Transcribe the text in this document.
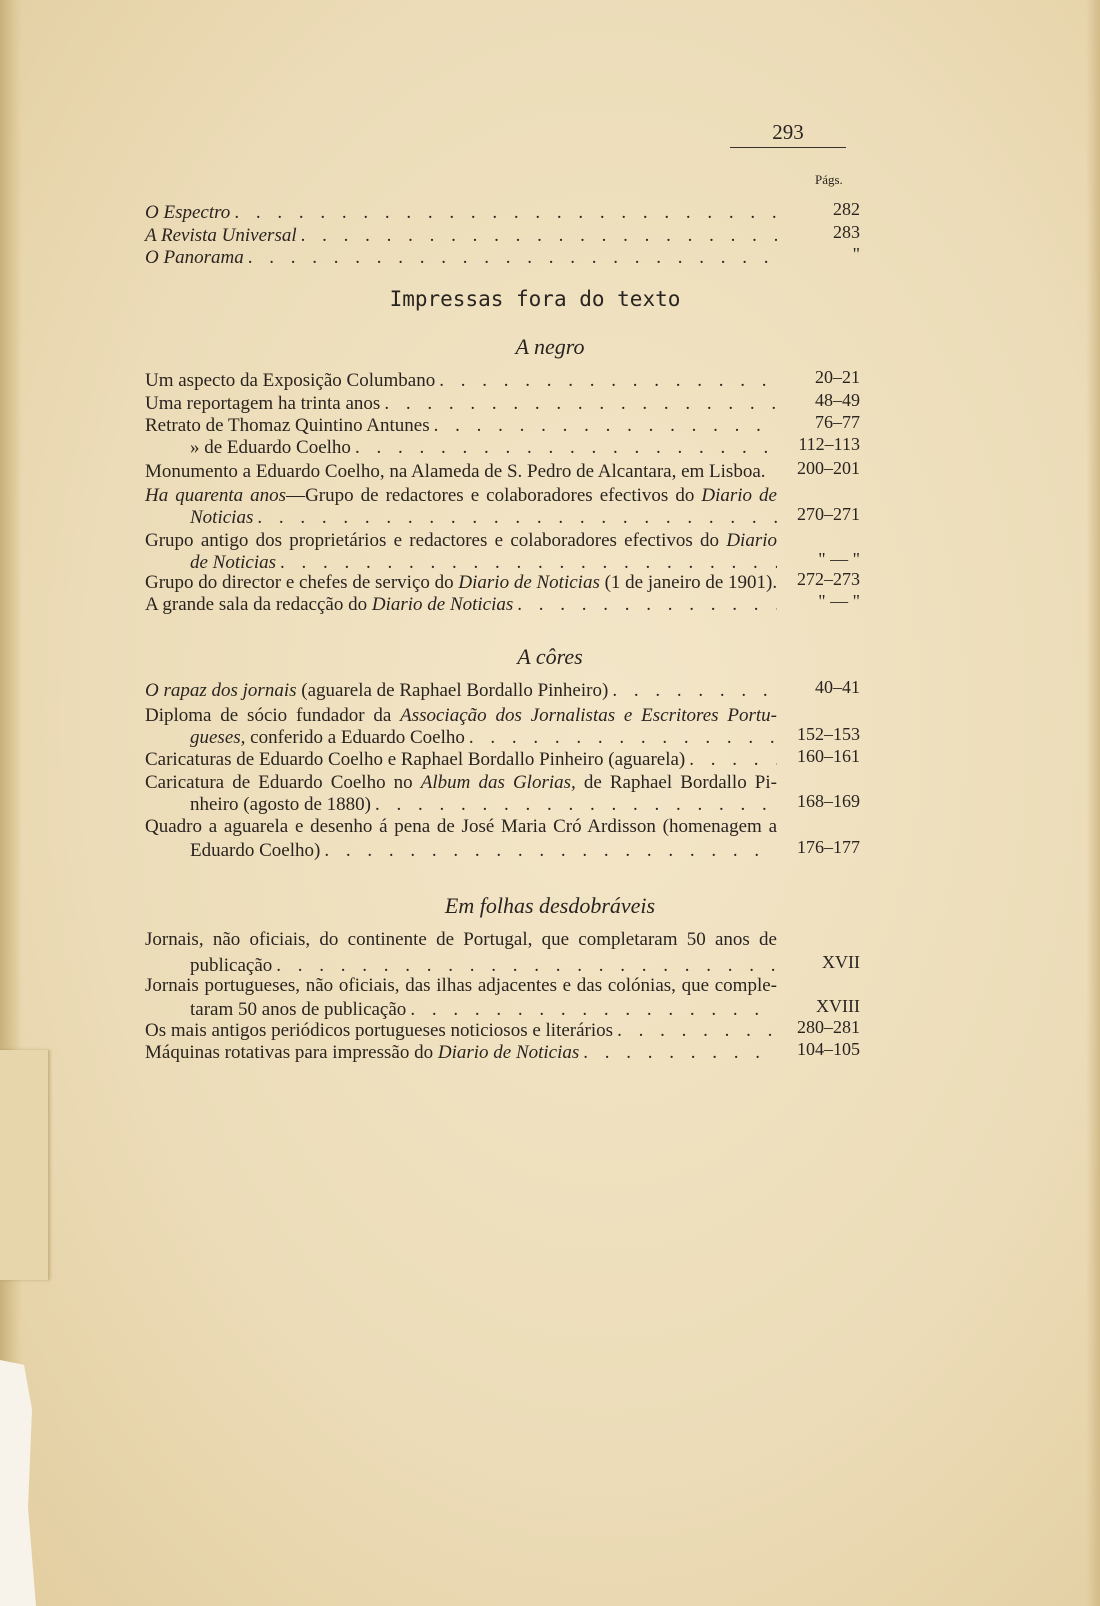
293
Págs.
Impressas fora do texto
O Espectro . . .	282
A Revista Universal . . .	283
O Panorama . . .	"
A negro
Um aspecto da Exposição Columbano . . .	20–21
Uma reportagem ha trinta anos . . .	48–49
Retrato de Thomaz Quintino Antunes . . .	76–77
» de Eduardo Coelho . . .	112–113
Monumento a Eduardo Coelho, na Alameda de S. Pedro de Alcantara, em Lisboa.	200–201
Ha quarenta anos—Grupo de redactores e colaboradores efectivos do Diario de
Noticias . . .	270–271
Grupo antigo dos proprietários e redactores e colaboradores efectivos do Diario
de Noticias . . .	" — "
Grupo do director e chefes de serviço do Diario de Noticias (1 de janeiro de 1901).	272–273
A grande sala da redacção do Diario de Noticias . . .	" — "
A côres
O rapaz dos jornais (aguarela de Raphael Bordallo Pinheiro) . . .	40–41
Diploma de sócio fundador da Associação dos Jornalistas e Escritores Portu-
gueses, conferido a Eduardo Coelho . . .	152–153
Caricaturas de Eduardo Coelho e Raphael Bordallo Pinheiro (aguarela) . . .	160–161
Caricatura de Eduardo Coelho no Album das Glorias, de Raphael Bordallo Pi-
nheiro (agosto de 1880) . . .	168–169
Quadro a aguarela e desenho á pena de José Maria Cró Ardisson (homenagem a
Eduardo Coelho) . . .	176–177
Em folhas desdobráveis
Jornais, não oficiais, do continente de Portugal, que completaram 50 anos de
publicação . . .	XVII
Jornais portugueses, não oficiais, das ilhas adjacentes e das colónias, que comple-
taram 50 anos de publicação . . .	XVIII
Os mais antigos periódicos portugueses noticiosos e literários . . .	280–281
Máquinas rotativas para impressão do Diario de Noticias . . .	104–105
